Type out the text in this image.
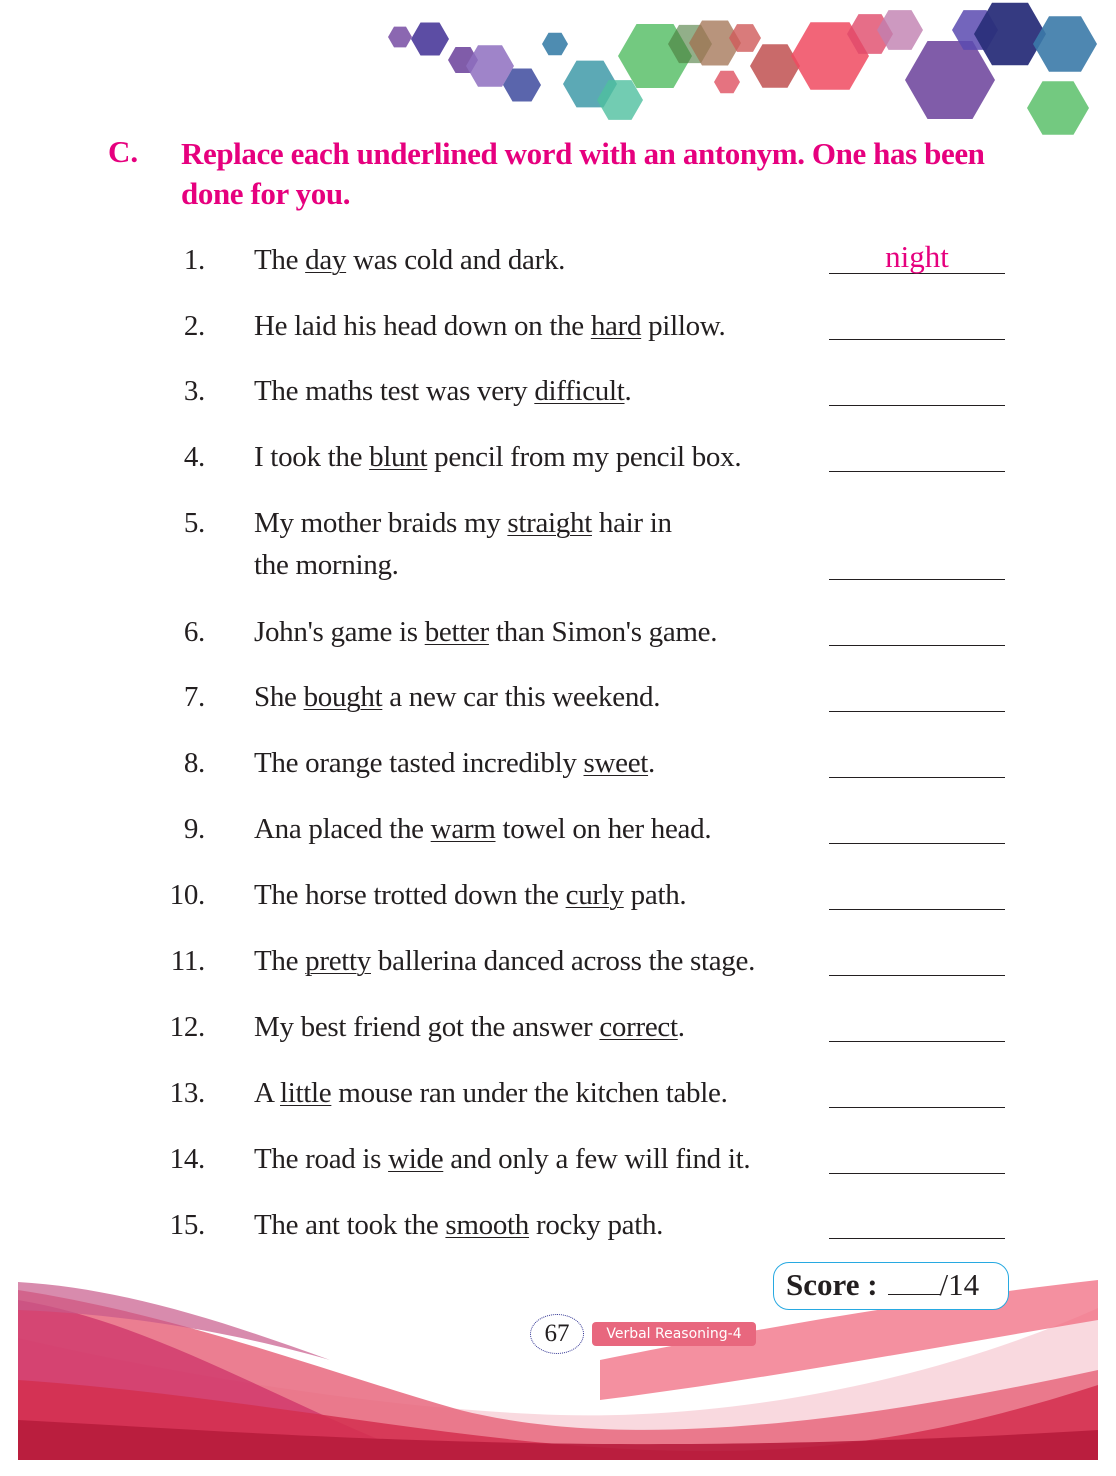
C. Replace each underlined word with an antonym. One has been done for you.
1. The day was cold and dark.	night
2. He laid his head down on the hard pillow.
3. The maths test was very difficult.
4. I took the blunt pencil from my pencil box.
5. My mother braids my straight hair in
the morning.
6. John's game is better than Simon's game.
7. She bought a new car this weekend.
8. The orange tasted incredibly sweet.
9. Ana placed the warm towel on her head.
10. The horse trotted down the curly path.
11. The pretty ballerina danced across the stage.
12. My best friend got the answer correct.
13. A little mouse ran under the kitchen table.
14. The road is wide and only a few will find it.
15. The ant took the smooth rocky path.
Score : /14
67	Verbal Reasoning-4
